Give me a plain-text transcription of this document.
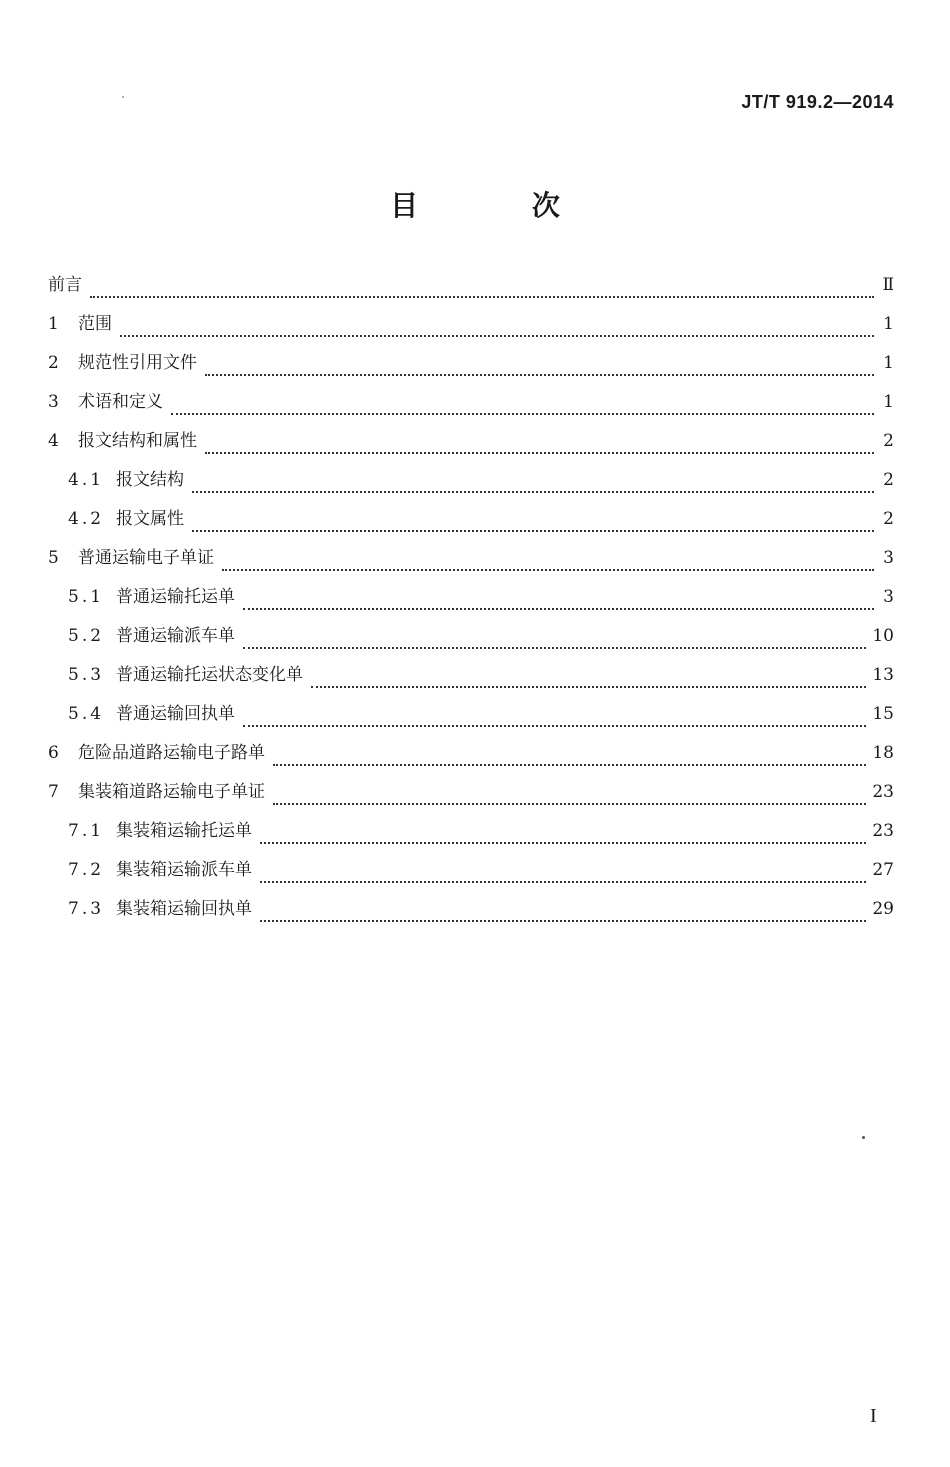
JT/T 919.2—2014
目 次
前言	Ⅱ
1	范围	1
2	规范性引用文件	1
3	术语和定义	1
4	报文结构和属性	2
4.1 报文结构	2
4.2 报文属性	2
5	普通运输电子单证	3
5.1 普通运输托运单	3
5.2 普通运输派车单	10
5.3 普通运输托运状态变化单	13
5.4 普通运输回执单	15
6	危险品道路运输电子路单	18
7	集装箱道路运输电子单证	23
7.1 集装箱运输托运单	23
7.2 集装箱运输派车单	27
7.3 集装箱运输回执单	29
I
